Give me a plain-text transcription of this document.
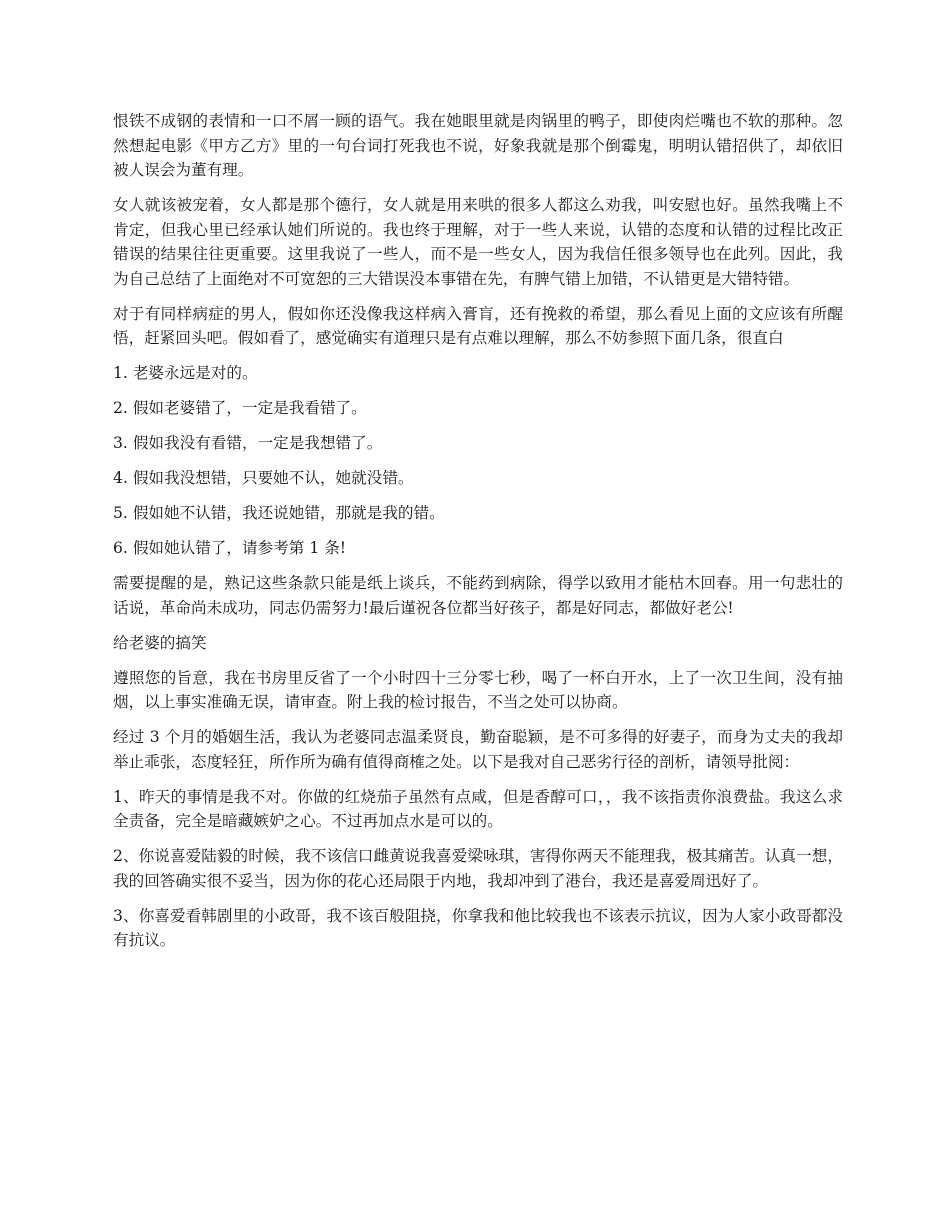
恨铁不成钢的表情和一口不屑一顾的语气。我在她眼里就是肉锅里的鸭子，即使肉烂嘴也不软的那种。忽然想起电影《甲方乙方》里的一句台词打死我也不说，好象我就是那个倒霉鬼，明明认错招供了，却依旧被人误会为董有理。

女人就该被宠着，女人都是那个德行，女人就是用来哄的很多人都这么劝我，叫安慰也好。虽然我嘴上不肯定，但我心里已经承认她们所说的。我也终于理解，对于一些人来说，认错的态度和认错的过程比改正错误的结果往往更重要。这里我说了一些人，而不是一些女人，因为我信任很多领导也在此列。因此，我为自己总结了上面绝对不可宽恕的三大错误没本事错在先，有脾气错上加错，不认错更是大错特错。

对于有同样病症的男人，假如你还没像我这样病入膏肓，还有挽救的希望，那么看见上面的文应该有所醒悟，赶紧回头吧。假如看了，感觉确实有道理只是有点难以理解，那么不妨参照下面几条，很直白

1. 老婆永远是对的。

2. 假如老婆错了，一定是我看错了。

3. 假如我没有看错，一定是我想错了。

4. 假如我没想错，只要她不认，她就没错。

5. 假如她不认错，我还说她错，那就是我的错。

6. 假如她认错了，请参考第 1 条!

需要提醒的是，熟记这些条款只能是纸上谈兵，不能药到病除，得学以致用才能枯木回春。用一句悲壮的话说，革命尚未成功，同志仍需努力!最后谨祝各位都当好孩子，都是好同志，都做好老公!

给老婆的搞笑

遵照您的旨意，我在书房里反省了一个小时四十三分零七秒，喝了一杯白开水，上了一次卫生间，没有抽烟，以上事实准确无误，请审查。附上我的检讨报告，不当之处可以协商。

经过 3 个月的婚姻生活，我认为老婆同志温柔贤良，勤奋聪颖，是不可多得的好妻子，而身为丈夫的我却举止乖张，态度轻狂，所作所为确有值得商榷之处。以下是我对自己恶劣行径的剖析，请领导批阅：

1、昨天的事情是我不对。你做的红烧茄子虽然有点咸，但是香醇可口，，我不该指责你浪费盐。我这么求全责备，完全是暗藏嫉妒之心。不过再加点水是可以的。

2、你说喜爱陆毅的时候，我不该信口雌黄说我喜爱梁咏琪，害得你两天不能理我，极其痛苦。认真一想，我的回答确实很不妥当，因为你的花心还局限于内地，我却冲到了港台，我还是喜爱周迅好了。

3、你喜爱看韩剧里的小政哥，我不该百般阻挠，你拿我和他比较我也不该表示抗议，因为人家小政哥都没有抗议。
